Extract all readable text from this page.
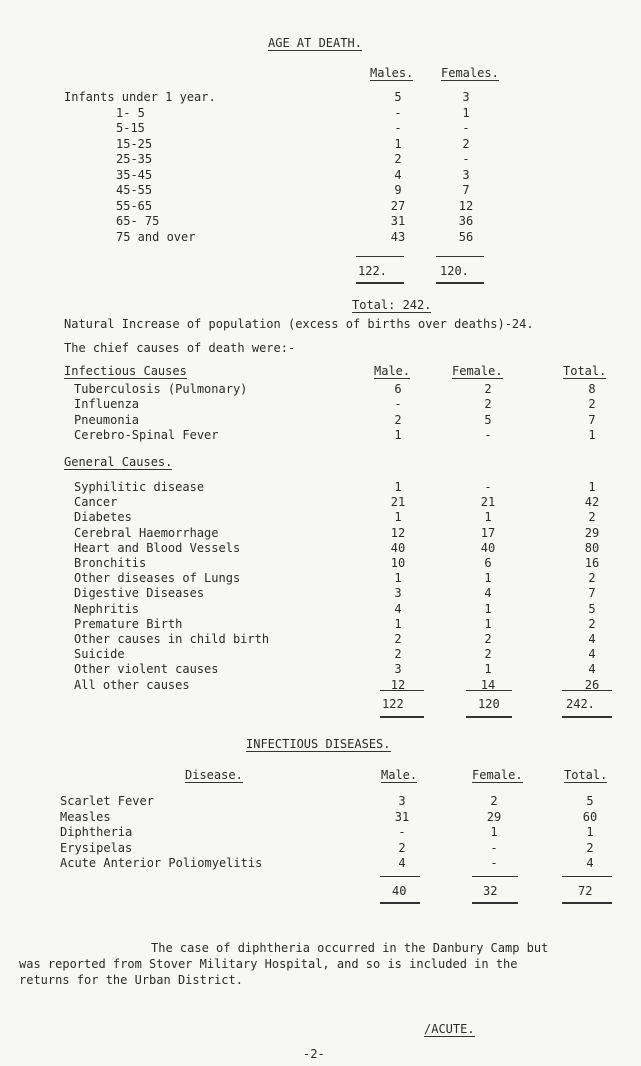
AGE AT DEATH.
Males. Females.
Infants under 1 year.	5	3
1- 5	-	1
5-15	-	-
15-25	1	2
25-35	2	-
35-45	4	3
45-55	9	7
55-65	27	12
65- 75	31	36
75 and over	43	56
122.	120.
Total: 242.
Natural Increase of population (excess of births over deaths)-24.
The chief causes of death were:-
Infectious Causes	Male.	Female.	Total.
Tuberculosis (Pulmonary)	6	2	8
Influenza	-	2	2
Pneumonia	2	5	7
Cerebro-Spinal Fever	1	-	1
General Causes.
Syphilitic disease	1	-	1
Cancer	21	21	42
Diabetes	1	1	2
Cerebral Haemorrhage	12	17	29
Heart and Blood Vessels	40	40	80
Bronchitis	10	6	16
Other diseases of Lungs	1	1	2
Digestive Diseases	3	4	7
Nephritis	4	1	5
Premature Birth	1	1	2
Other causes in child birth	2	2	4
Suicide	2	2	4
Other violent causes	3	1	4
All other causes	12	14	26
122	120	242.
INFECTIOUS DISEASES.
Disease.	Male.	Female.	Total.
Scarlet Fever	3	2	5
Measles	31	29	60
Diphtheria	-	1	1
Erysipelas	2	-	2
Acute Anterior Poliomyelitis	4	-	4
40	32	72
The case of diphtheria occurred in the Danbury Camp but
was reported from Stover Military Hospital, and so is included in the
returns for the Urban District.
/ACUTE.
-2-
